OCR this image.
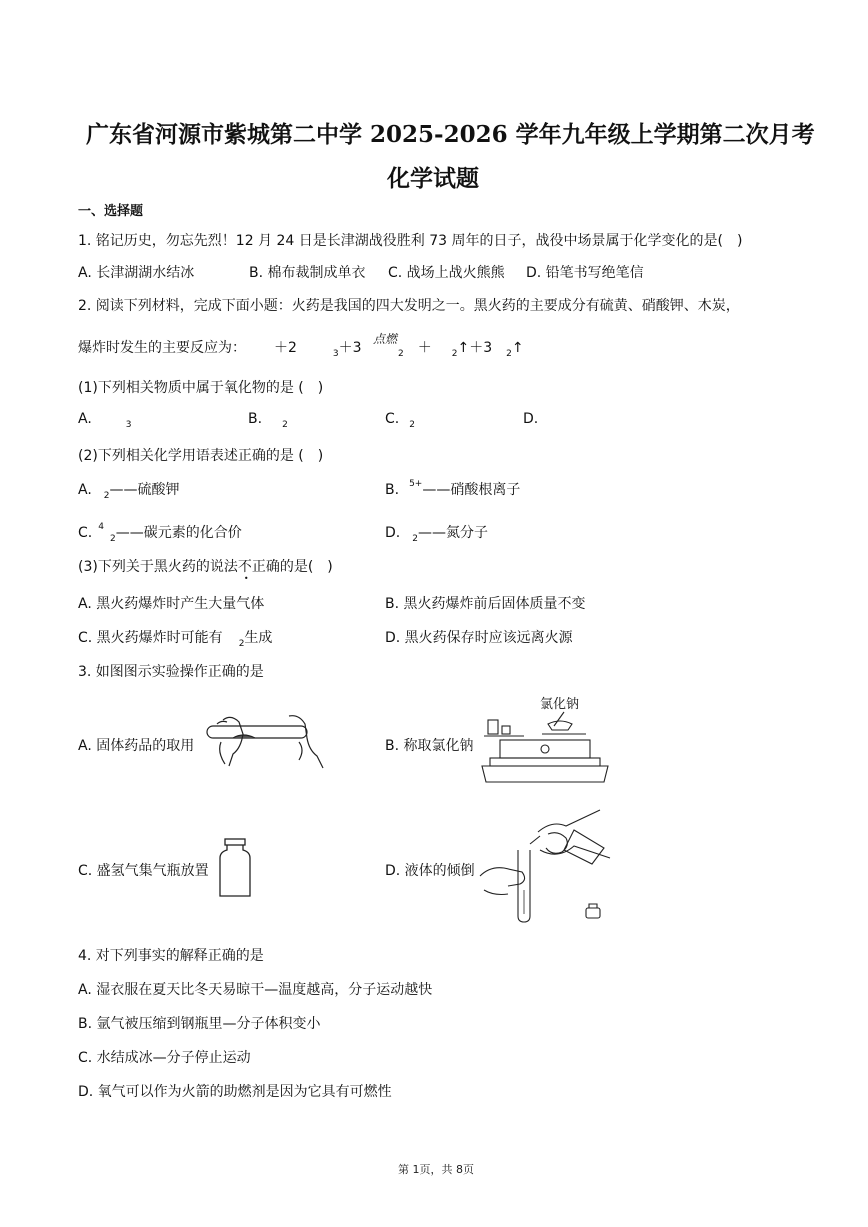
广东省河源市紫城第二中学 2025-2026 学年九年级上学期第二次月考
化学试题
一、选择题
1. 铭记历史，勿忘先烈！12 月 24 日是长津湖战役胜利 73 周年的日子，战役中场景属于化学变化的是(　)
A. 长津湖湖水结冰	B. 棉布裁制成单衣 C. 战场上战火熊熊 D. 铅笔书写绝笔信
2. 阅读下列材料，完成下面小题：火药是我国的四大发明之一。黑火药的主要成分有硫黄、硝酸钾、木炭，
爆炸时发生的主要反应为： ＋2	$_3$＋3
点燃
$_2$ ＋ $_2$↑＋3 $_2$↑
(1)下列相关物质中属于氧化物的是 (　)
A.	$_3$	B. $_2$	C. $_2$	D.
(2)下列相关化学用语表述正确的是 (　)
A. $_2$——硫酸钾	B. $^{5+}$——硝酸根离子
C. $^4_2$——碳元素的化合价	D. $_2$——氮分子
(3)下列关于黑火药的说法不
•
正确的是(　)
A. 黑火药爆炸时产生大量气体	B. 黑火药爆炸前后固体质量不变
C. 黑火药爆炸时可能有 $_2$生成	D. 黑火药保存时应该远离火源
3. 如图图示实验操作正确的是
A. 固体药品的取用	B. 称取氯化钠
C. 盛氢气集气瓶放置	D. 液体的倾倒
氯化钠
4. 对下列事实的解释正确的是
A. 湿衣服在夏天比冬天易晾干—温度越高，分子运动越快
B. 氩气被压缩到钢瓶里—分子体积变小
C. 水结成冰—分子停止运动
D. 氧气可以作为火箭的助燃剂是因为它具有可燃性
第 1页，共 8页
